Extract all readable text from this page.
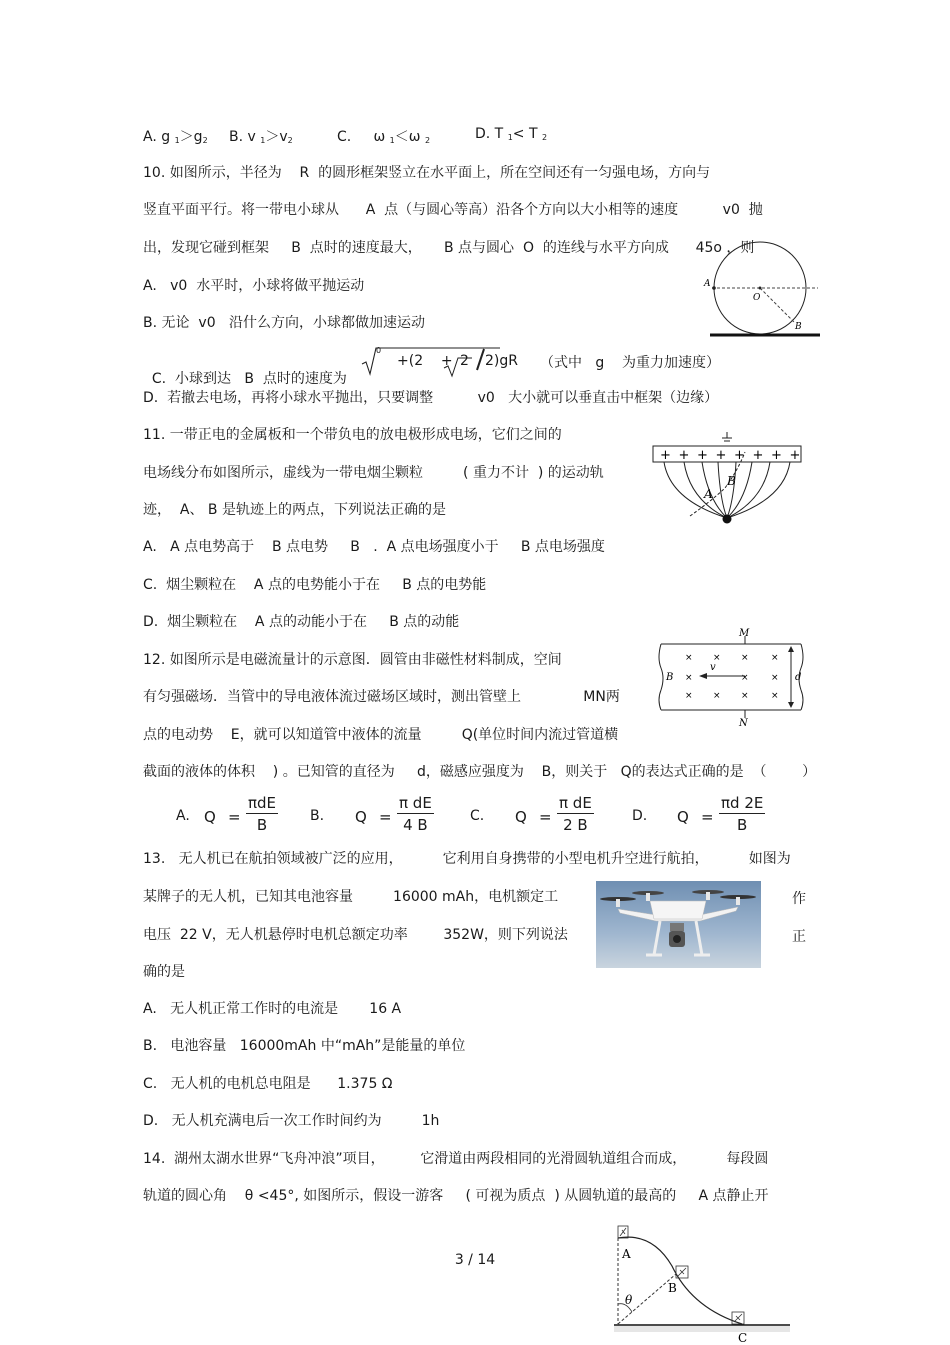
A. g $_1>g_2$ B. v $_1>v_2$	C.     ω $_1$＜ω $_2$	D. T $_1$< T $_2$
10. 如图所示，半径为    R  的圆形框架竖立在水平面上，所在空间还有一匀强电场，方向与
竖直平面平行。将一带电小球从      A  点（与圆心等高）沿各个方向以大小相等的速度          v0  抛
出，发现它碰到框架     B  点时的速度最大，     B 点与圆心  O  的连线与水平方向成      45o ，则
A.   v0  水平时，小球将做平抛运动
B. 无论  v0   沿什么方向，小球都做加速运动

C.  小球到达   B  点时的速度为

0
+(2    + 2 2)gR （式中   g    为重力加速度）
D.  若撤去电场，再将小球水平抛出，只要调整          v0   大小就可以垂直击中框架（边缘）
A
O
B
11. 一带正电的金属板和一个带负电的放电极形成电场，它们之间的
电场线分布如图所示，虚线为一带电烟尘颗粒         ( 重力不计  ) 的运动轨
迹，  A、 B 是轨迹上的两点，下列说法正确的是
A.   A 点电势高于    B 点电势     B   .  A 点电场强度小于     B 点电场强度
C.  烟尘颗粒在    A 点的电势能小于在     B 点的电势能
D.  烟尘颗粒在    A 点的动能小于在     B 点的动能
+ + + + + + + +
A
B
12. 如图所示是电磁流量计的示意图．圆管由非磁性材料制成，空间
有匀强磁场．当管中的导电液体流过磁场区域时，测出管壁上              MN两
点的电动势    E，就可以知道管中液体的流量         Q(单位时间内流过管道横
截面的液体的体积    ) 。已知管的直径为     d，磁感应强度为    B，则关于   Q的表达式正确的是  （        ）
A. Q =
πdE
B	B. $Q = \frac{\text{π dE}}{4 B}$	C. $Q = \frac{\text{π dE}}{2 B}$	D. $Q = \frac{\pi d 2E}{B}$
× × × ×
×	× ×
× × × ×
M
N
B
v
d
13.   无人机已在航拍领域被广泛的应用，         它利用自身携带的小型电机升空进行航拍，         如图为
某牌子的无人机，已知其电池容量         16000 mAh，电机额定工	作
电压  22 V，无人机悬停时电机总额定功率        352W，则下列说法	正
确的是
A.   无人机正常工作时的电流是       16 A
B.   电池容量   16000mAh 中“mAh”是能量的单位
C.   无人机的电机总电阻是      1.375 Ω
D.   无人机充满电后一次工作时间约为         1h
14.  湖州太湖水世界“飞舟冲浪”项目，        它滑道由两段相同的光滑圆轨道组合而成，         每段圆
轨道的圆心角    θ <45°, 如图所示，假设一游客     ( 可视为质点  ) 从圆轨道的最高的     A 点静止开
A
B
C
θ
3 / 14
